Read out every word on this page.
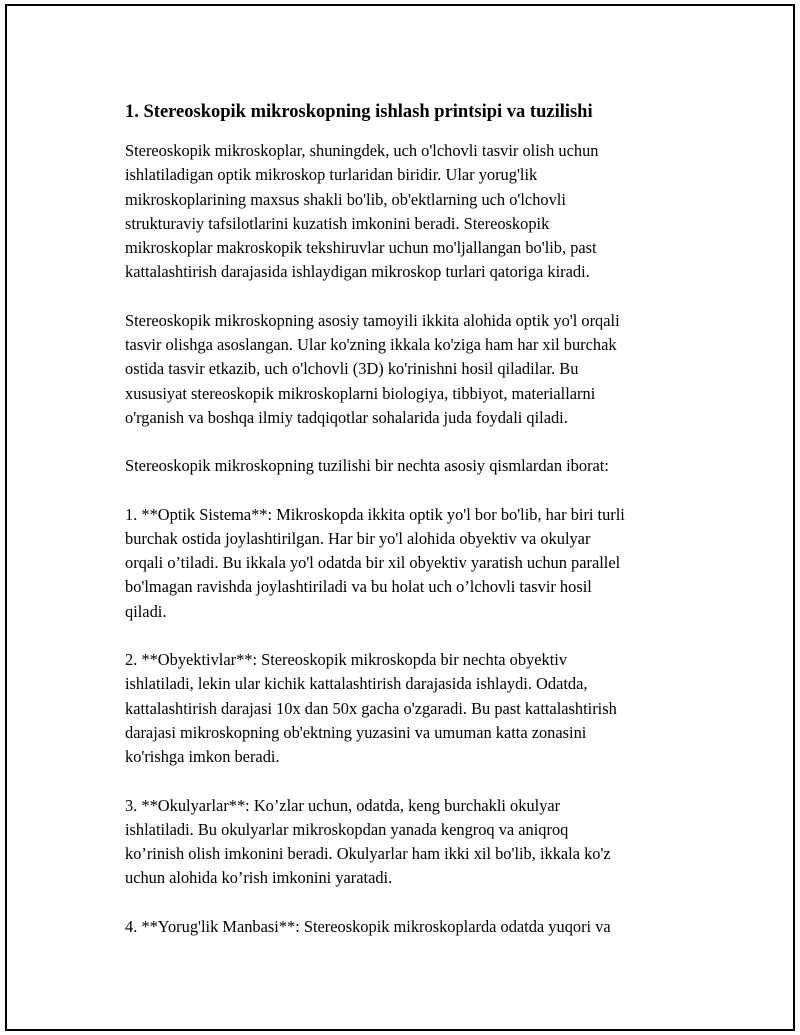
1. Stereoskopik mikroskopning ishlash printsipi va tuzilishi

Stereoskopik mikroskoplar, shuningdek, uch o'lchovli tasvir olish uchun
ishlatiladigan optik mikroskop turlaridan biridir. Ular yorug'lik
mikroskoplarining maxsus shakli bo'lib, ob'ektlarning uch o'lchovli
strukturaviy tafsilotlarini kuzatish imkonini beradi. Stereoskopik
mikroskoplar makroskopik tekshiruvlar uchun mo'ljallangan bo'lib, past
kattalashtirish darajasida ishlaydigan mikroskop turlari qatoriga kiradi.

Stereoskopik mikroskopning asosiy tamoyili ikkita alohida optik yo'l orqali
tasvir olishga asoslangan. Ular ko'zning ikkala ko'ziga ham har xil burchak
ostida tasvir etkazib, uch o'lchovli (3D) ko'rinishni hosil qiladilar. Bu
xususiyat stereoskopik mikroskoplarni biologiya, tibbiyot, materiallarni
o'rganish va boshqa ilmiy tadqiqotlar sohalarida juda foydali qiladi.

Stereoskopik mikroskopning tuzilishi bir nechta asosiy qismlardan iborat:

1. **Optik Sistema**: Mikroskopda ikkita optik yo'l bor bo'lib, har biri turli
burchak ostida joylashtirilgan. Har bir yo'l alohida obyektiv va okulyar
orqali o’tiladi. Bu ikkala yo'l odatda bir xil obyektiv yaratish uchun parallel
bo'lmagan ravishda joylashtiriladi va bu holat uch o’lchovli tasvir hosil
qiladi.

2. **Obyektivlar**: Stereoskopik mikroskopda bir nechta obyektiv
ishlatiladi, lekin ular kichik kattalashtirish darajasida ishlaydi. Odatda,
kattalashtirish darajasi 10x dan 50x gacha o'zgaradi. Bu past kattalashtirish
darajasi mikroskopning ob'ektning yuzasini va umuman katta zonasini
ko'rishga imkon beradi.

3. **Okulyarlar**: Ko’zlar uchun, odatda, keng burchakli okulyar
ishlatiladi. Bu okulyarlar mikroskopdan yanada kengroq va aniqroq
ko’rinish olish imkonini beradi. Okulyarlar ham ikki xil bo'lib, ikkala ko'z
uchun alohida ko’rish imkonini yaratadi.

4. **Yorug'lik Manbasi**: Stereoskopik mikroskoplarda odatda yuqori va
